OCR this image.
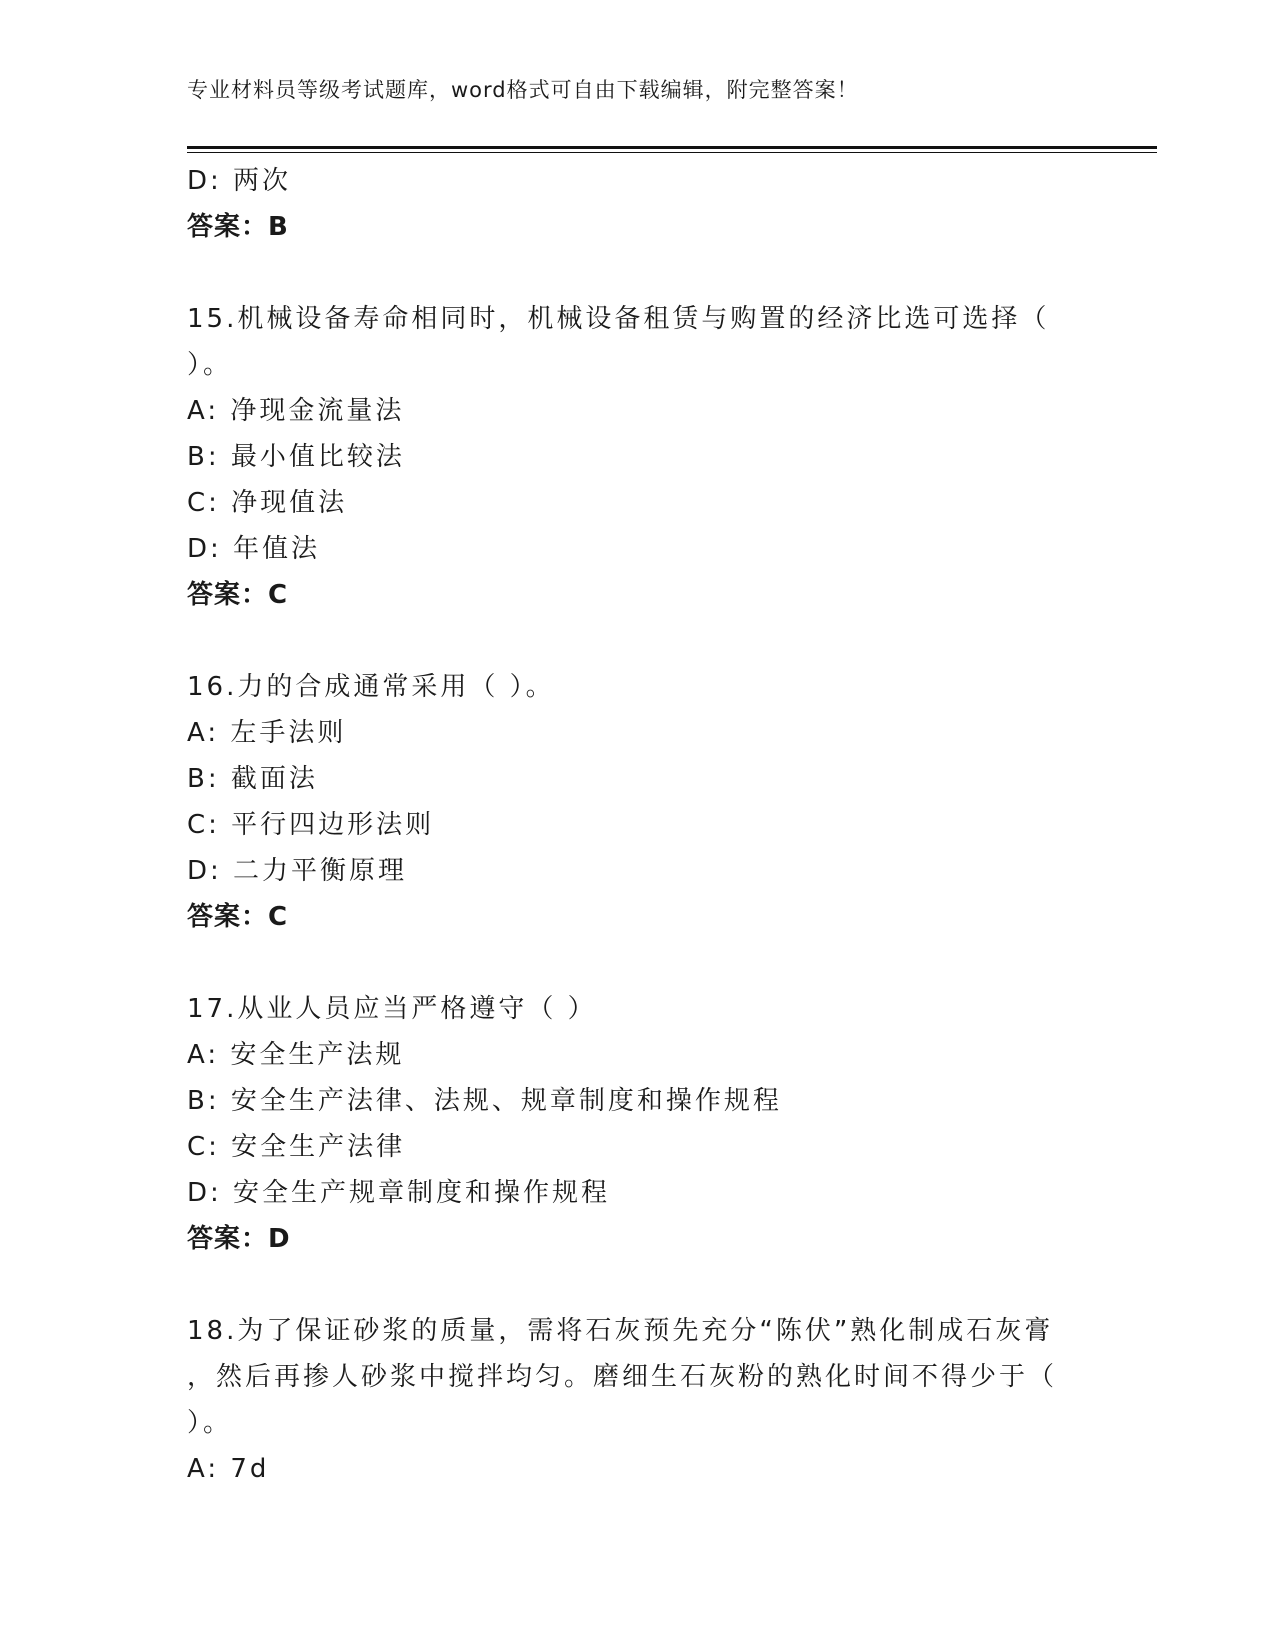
专业材料员等级考试题库，word格式可自由下载编辑，附完整答案！
D: 两次
答案：B
15.机械设备寿命相同时，机械设备租赁与购置的经济比选可选择（
）。
A: 净现金流量法
B: 最小值比较法
C: 净现值法
D: 年值法
答案：C
16.力的合成通常采用（ ）。
A: 左手法则
B: 截面法
C: 平行四边形法则
D: 二力平衡原理
答案：C
17.从业人员应当严格遵守（ ）
A: 安全生产法规
B: 安全生产法律、法规、规章制度和操作规程
C: 安全生产法律
D: 安全生产规章制度和操作规程
答案：D
18.为了保证砂浆的质量，需将石灰预先充分“陈伏”熟化制成石灰膏
，然后再掺人砂浆中搅拌均匀。磨细生石灰粉的熟化时间不得少于（
）。
A: 7d
